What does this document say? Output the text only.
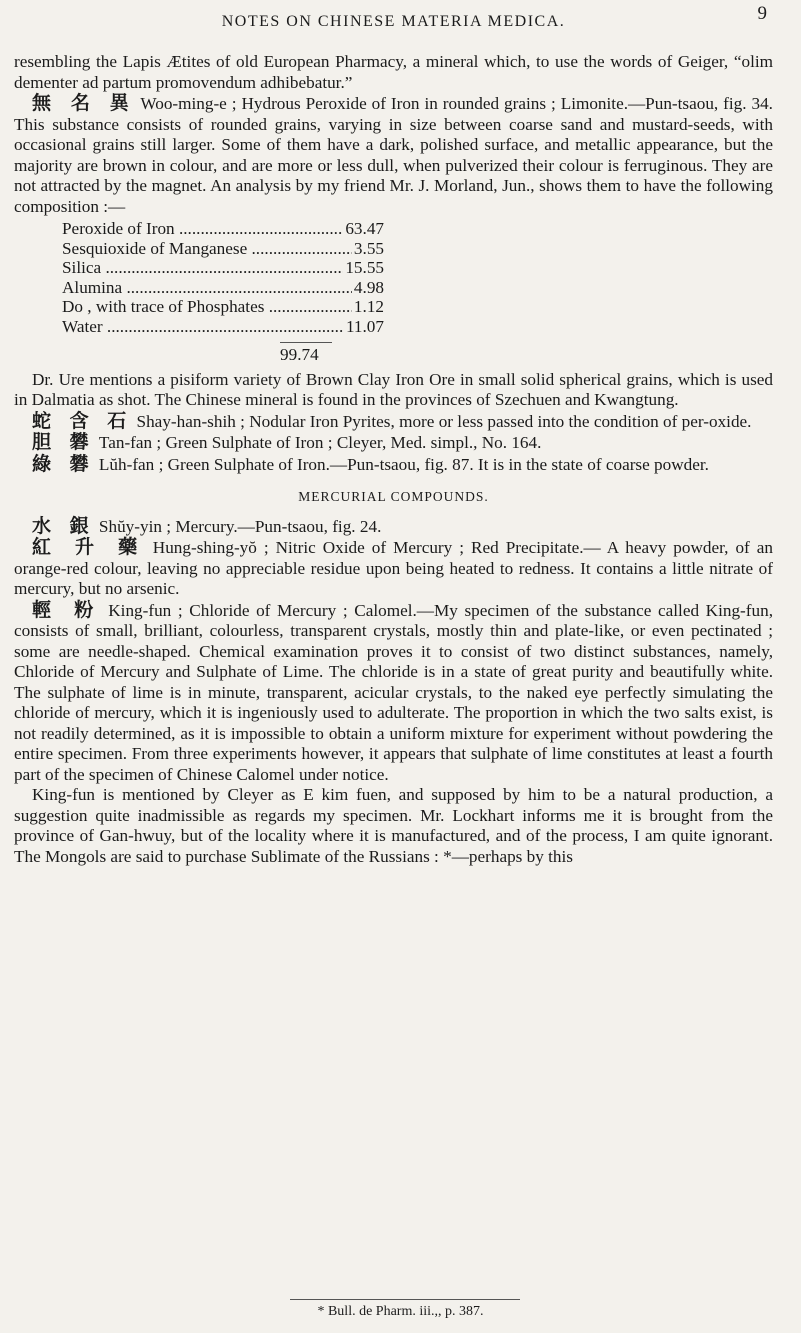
NOTES ON CHINESE MATERIA MEDICA.	9

resembling the Lapis Ætites of old European Pharmacy, a mineral which, to use the words of Geiger, “olim dementer ad partum promovendum adhibebatur.”

無 名 異 Woo-ming-e ; Hydrous Peroxide of Iron in rounded grains ; Limonite.—Pun-tsaou, fig. 34. This substance consists of rounded grains, varying in size between coarse sand and mustard-seeds, with occasional grains still larger. Some of them have a dark, polished surface, and metallic appearance, but the majority are brown in colour, and are more or less dull, when pulverized their colour is ferruginous. They are not attracted by the magnet. An analysis by my friend Mr. J. Morland, Jun., shows them to have the following composition :—

Peroxide of Iron .....	63.47
Sesquioxide of Manganese .....	3.55
Silica .....	15.55
Alumina .....	4.98
Do , with trace of Phosphates .....	1.12
Water .....	11.07
99.74

Dr. Ure mentions a pisiform variety of Brown Clay Iron Ore in small solid spherical grains, which is used in Dalmatia as shot. The Chinese mineral is found in the provinces of Szechuen and Kwangtung.

蛇 含 石 Shay-han-shih ; Nodular Iron Pyrites, more or less passed into the condition of per-oxide.

胆 礬 Tan-fan ; Green Sulphate of Iron ; Cleyer, Med. simpl., No. 164.

綠 礬 Lŭh-fan ; Green Sulphate of Iron.—Pun-tsaou, fig. 87. It is in the state of coarse powder.

MERCURIAL COMPOUNDS.

水 銀 Shŭy-yin ; Mercury.—Pun-tsaou, fig. 24.

紅 升 藥 Hung-shing-yŏ ; Nitric Oxide of Mercury ; Red Precipitate.— A heavy powder, of an orange-red colour, leaving no appreciable residue upon being heated to redness. It contains a little nitrate of mercury, but no arsenic.

輕 粉 King-fun ; Chloride of Mercury ; Calomel.—My specimen of the substance called King-fun, consists of small, brilliant, colourless, transparent crystals, mostly thin and plate-like, or even pectinated ; some are needle-shaped. Chemical examination proves it to consist of two distinct substances, namely, Chloride of Mercury and Sulphate of Lime. The chloride is in a state of great purity and beautifully white. The sulphate of lime is in minute, transparent, acicular crystals, to the naked eye perfectly simulating the chloride of mercury, which it is ingeniously used to adulterate. The proportion in which the two salts exist, is not readily determined, as it is impossible to obtain a uniform mixture for experiment without powdering the entire specimen. From three experiments however, it appears that sulphate of lime constitutes at least a fourth part of the specimen of Chinese Calomel under notice.

King-fun is mentioned by Cleyer as E kim fuen, and supposed by him to be a natural production, a suggestion quite inadmissible as regards my specimen. Mr. Lockhart informs me it is brought from the province of Gan-hwuy, but of the locality where it is manufactured, and of the process, I am quite ignorant. The Mongols are said to purchase Sublimate of the Russians : *—perhaps by this

* Bull. de Pharm. iii.,, p. 387.
